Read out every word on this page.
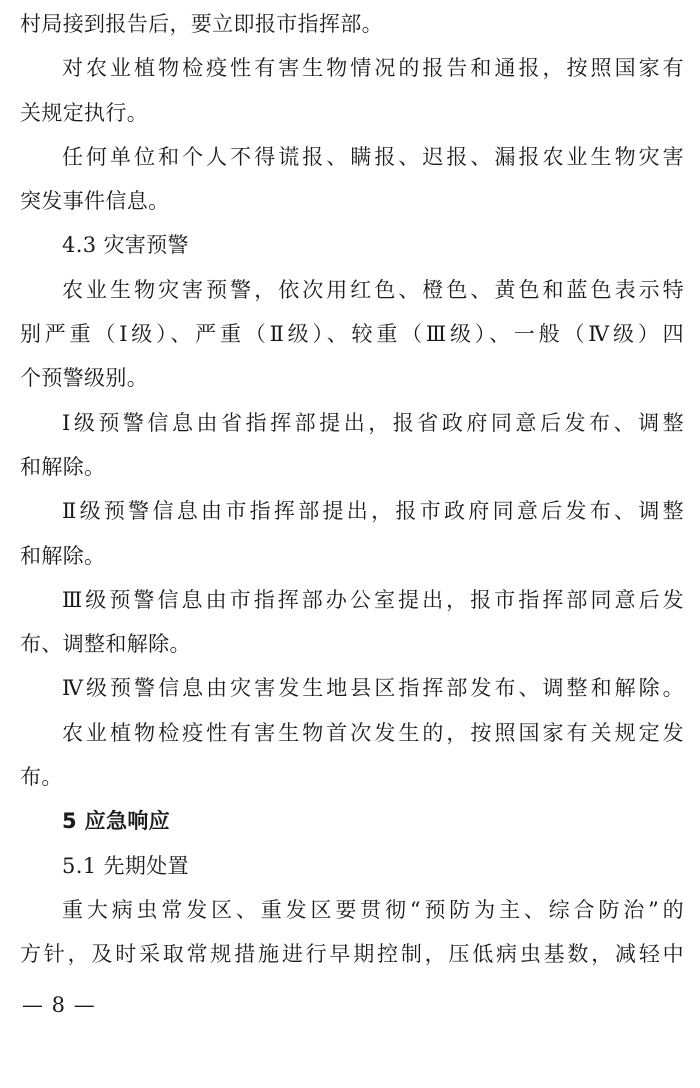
村局接到报告后，要立即报市指挥部。
对农业植物检疫性有害生物情况的报告和通报，按照国家有
关规定执行。
任何单位和个人不得谎报、瞒报、迟报、漏报农业生物灾害
突发事件信息。
4.3 灾害预警
农业生物灾害预警，依次用红色、橙色、黄色和蓝色表示特
别严重（Ⅰ级）、严重（Ⅱ级）、较重（Ⅲ级）、一般（Ⅳ级）四
个预警级别。
Ⅰ级预警信息由省指挥部提出，报省政府同意后发布、调整
和解除。
Ⅱ级预警信息由市指挥部提出，报市政府同意后发布、调整
和解除。
Ⅲ级预警信息由市指挥部办公室提出，报市指挥部同意后发
布、调整和解除。
Ⅳ级预警信息由灾害发生地县区指挥部发布、调整和解除。
农业植物检疫性有害生物首次发生的，按照国家有关规定发
布。
5 应急响应
5.1 先期处置
重大病虫常发区、重发区要贯彻“预防为主、综合防治”的
方针，及时采取常规措施进行早期控制，压低病虫基数，减轻中
— 8 —
